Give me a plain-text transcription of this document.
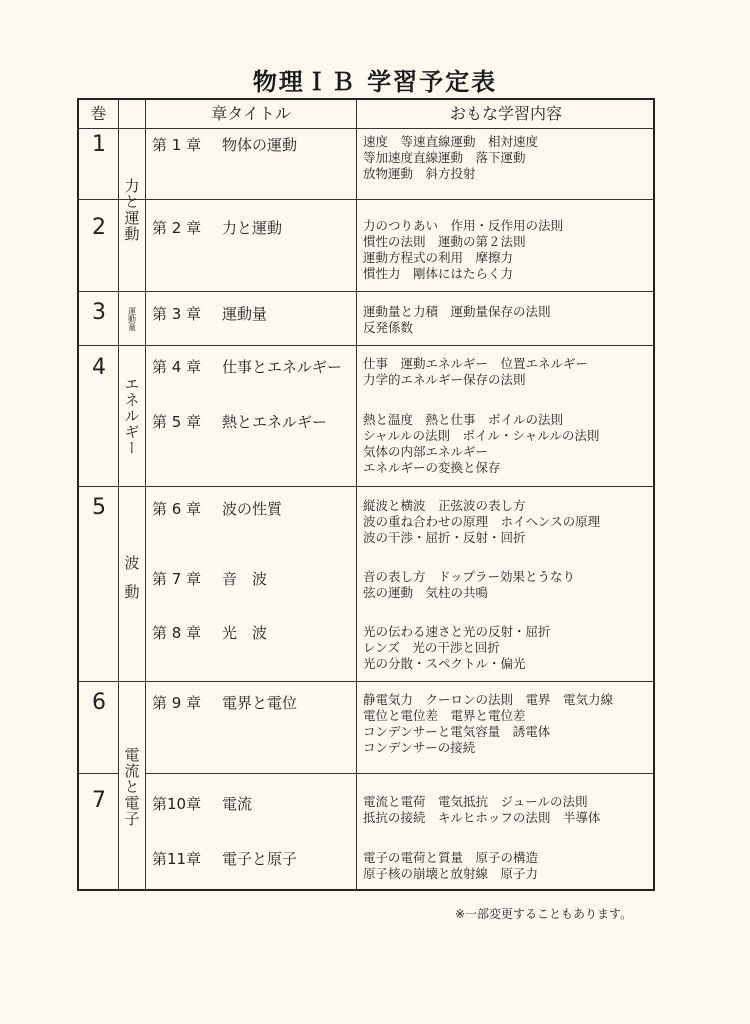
物理ＩＢ 学習予定表
巻	章タイトル	おもな学習内容
1
2
3
4
5
6
7
力と運動
運動量
エネルギー
波動
電流と電子
第 1 章 物体の運動
第 2 章 力と運動
第 3 章 運動量
第 4 章 仕事とエネルギー
第 5 章 熱とエネルギー
第 6 章 波の性質
第 7 章 音　波
第 8 章 光　波
第 9 章 電界と電位
第10章 電流
第11章 電子と原子
速度　等速直線運動　相対速度
等加速度直線運動　落下運動
放物運動　斜方投射
力のつりあい　作用・反作用の法則
慣性の法則　運動の第２法則
運動方程式の利用　摩擦力
慣性力　剛体にはたらく力
運動量と力積　運動量保存の法則
反発係数
仕事　運動エネルギー　位置エネルギー
力学的エネルギー保存の法則
熱と温度　熱と仕事　ボイルの法則
シャルルの法則　ボイル・シャルルの法則
気体の内部エネルギー
エネルギーの変換と保存
縦波と横波　正弦波の表し方
波の重ね合わせの原理　ホイヘンスの原理
波の干渉・屈折・反射・回折
音の表し方　ドップラー効果とうなり
弦の運動　気柱の共鳴
光の伝わる速さと光の反射・屈折
レンズ　光の干渉と回折
光の分散・スペクトル・偏光
静電気力　クーロンの法則　電界　電気力線
電位と電位差　電界と電位差
コンデンサーと電気容量　誘電体
コンデンサーの接続
電流と電荷　電気抵抗　ジュールの法則
抵抗の接続　キルヒホッフの法則　半導体
電子の電荷と質量　原子の構造
原子核の崩壊と放射線　原子力
※一部変更することもあります。
